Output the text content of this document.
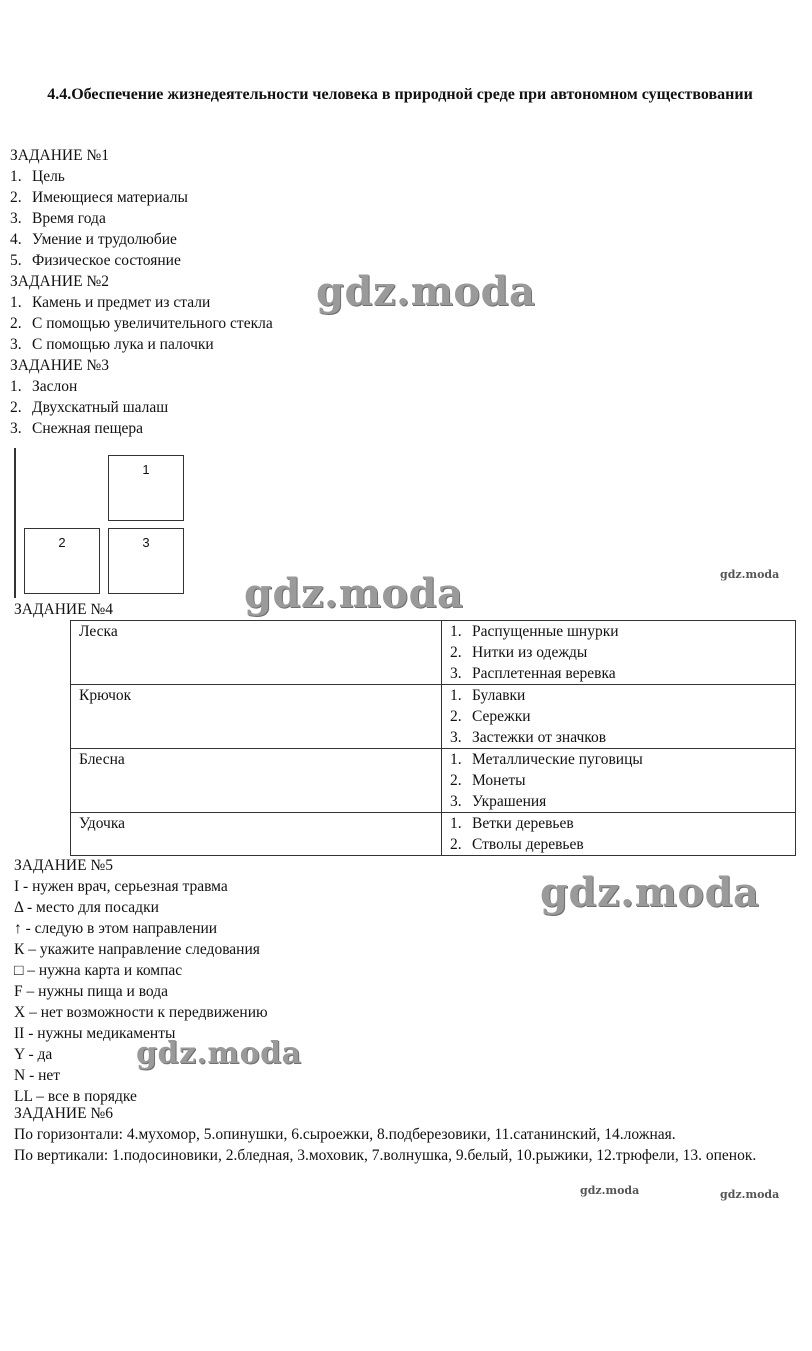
4.4.Обеспечение жизнедеятельности человека в природной среде при автономном существовании
ЗАДАНИЕ №1
1. Цель
2. Имеющиеся материалы
3. Время года
4. Умение и трудолюбие
5. Физическое состояние
ЗАДАНИЕ №2
1. Камень и предмет из стали
2. С помощью увеличительного стекла
3. С помощью лука и палочки
ЗАДАНИЕ №3
1. Заслон
2. Двухскатный шалаш
3. Снежная пещера
1
2	3
ЗАДАНИЕ №4
Леска	1. Распущенные шнурки
2. Нитки из одежды
3. Расплетенная веревка

Крючок	1. Булавки
2. Сережки
3. Застежки от значков

Блесна	1. Металлические пуговицы
2. Монеты
3. Украшения

Удочка	1. Ветки деревьев
2. Стволы деревьев
ЗАДАНИЕ №5
I - нужен врач, серьезная травма
Δ - место для посадки
↑ - следую в этом направлении
К – укажите направление следования
□ – нужна карта и компас
F – нужны пища и вода
X – нет возможности к передвижению
II - нужны медикаменты
Y - да
N - нет
LL – все в порядке
ЗАДАНИЕ №6
По горизонтали: 4.мухомор, 5.опинушки, 6.сыроежки, 8.подберезовики, 11.сатанинский, 14.ложная.
По вертикали: 1.подосиновики, 2.бледная, 3.моховик, 7.волнушка, 9.белый, 10.рыжики, 12.трюфели, 13. опенок.
gdz.moda
gdz.moda
gdz.moda
gdz.moda
gdz.moda
gdz.moda	gdz.moda
